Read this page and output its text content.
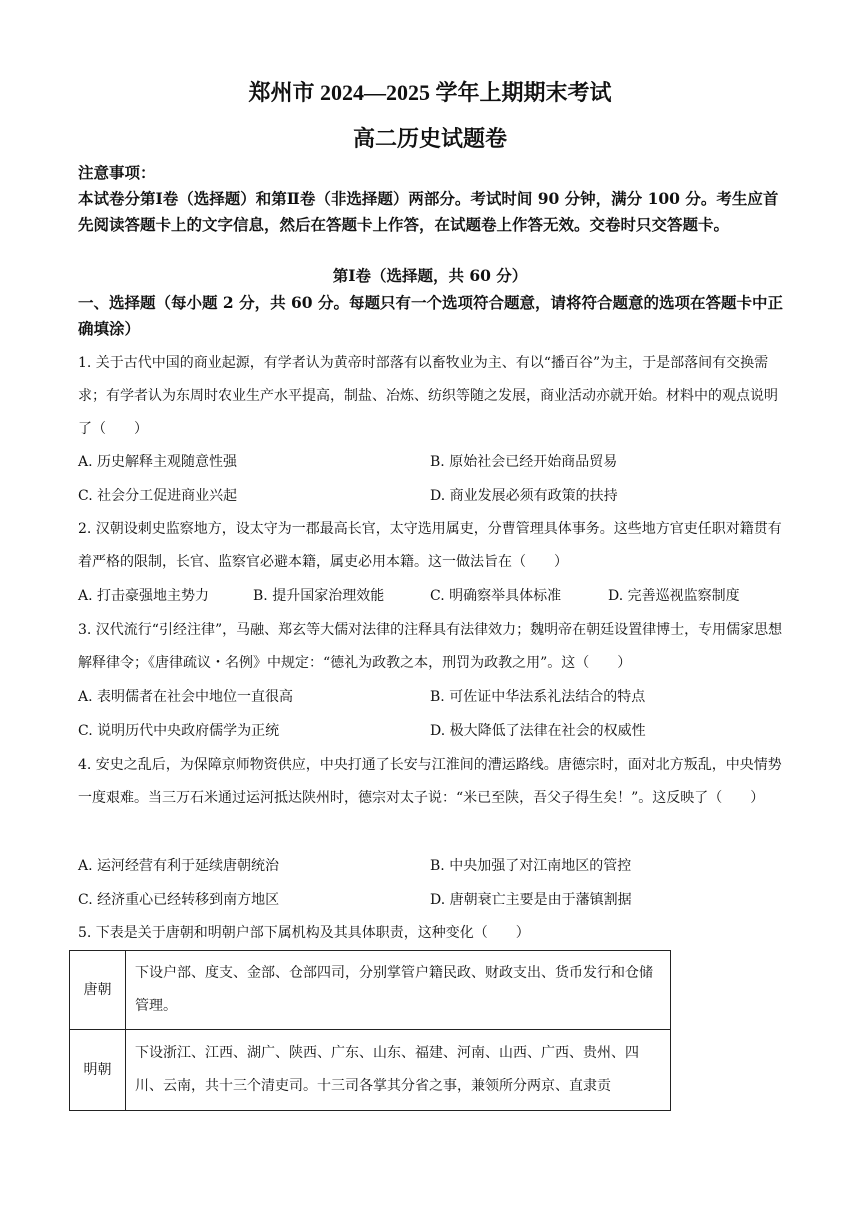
郑州市 2024—2025 学年上期期末考试
高二历史试题卷
注意事项：
本试卷分第Ⅰ卷（选择题）和第Ⅱ卷（非选择题）两部分。考试时间 90 分钟，满分 100 分。考生应首先阅读答题卡上的文字信息，然后在答题卡上作答，在试题卷上作答无效。交卷时只交答题卡。
第Ⅰ卷（选择题，共 60 分）
一、选择题（每小题 2 分，共 60 分。每题只有一个选项符合题意，请将符合题意的选项在答题卡中正确填涂）
1. 关于古代中国的商业起源，有学者认为黄帝时部落有以畜牧业为主、有以“播百谷”为主，于是部落间有交换需求；有学者认为东周时农业生产水平提高，制盐、冶炼、纺织等随之发展，商业活动亦就开始。材料中的观点说明了（　　）
A. 历史解释主观随意性强	B. 原始社会已经开始商品贸易
C. 社会分工促进商业兴起	D. 商业发展必须有政策的扶持
2. 汉朝设刺史监察地方，设太守为一郡最高长官，太守选用属吏，分曹管理具体事务。这些地方官吏任职对籍贯有着严格的限制，长官、监察官必避本籍，属吏必用本籍。这一做法旨在（　　）
A. 打击豪强地主势力	B. 提升国家治理效能	C. 明确察举具体标准	D. 完善巡视监察制度
3. 汉代流行“引经注律”，马融、郑玄等大儒对法律的注释具有法律效力；魏明帝在朝廷设置律博士，专用儒家思想解释律令；《唐律疏议・名例》中规定：“德礼为政教之本，刑罚为政教之用”。这（　　）
A. 表明儒者在社会中地位一直很高	B. 可佐证中华法系礼法结合的特点
C. 说明历代中央政府儒学为正统	D. 极大降低了法律在社会的权威性
4. 安史之乱后，为保障京师物资供应，中央打通了长安与江淮间的漕运路线。唐德宗时，面对北方叛乱，中央情势一度艰难。当三万石米通过运河抵达陕州时，德宗对太子说：“米已至陕，吾父子得生矣！”。这反映了（　　）
A. 运河经营有利于延续唐朝统治	B. 中央加强了对江南地区的管控
C. 经济重心已经转移到南方地区	D. 唐朝衰亡主要是由于藩镇割据
5. 下表是关于唐朝和明朝户部下属机构及其具体职责，这种变化（　　）
唐朝	下设户部、度支、金部、仓部四司，分别掌管户籍民政、财政支出、货币发行和仓储管理。
明朝	下设浙江、江西、湖广、陕西、广东、山东、福建、河南、山西、广西、贵州、四川、云南，共十三个清吏司。十三司各掌其分省之事，兼领所分两京、直隶贡
